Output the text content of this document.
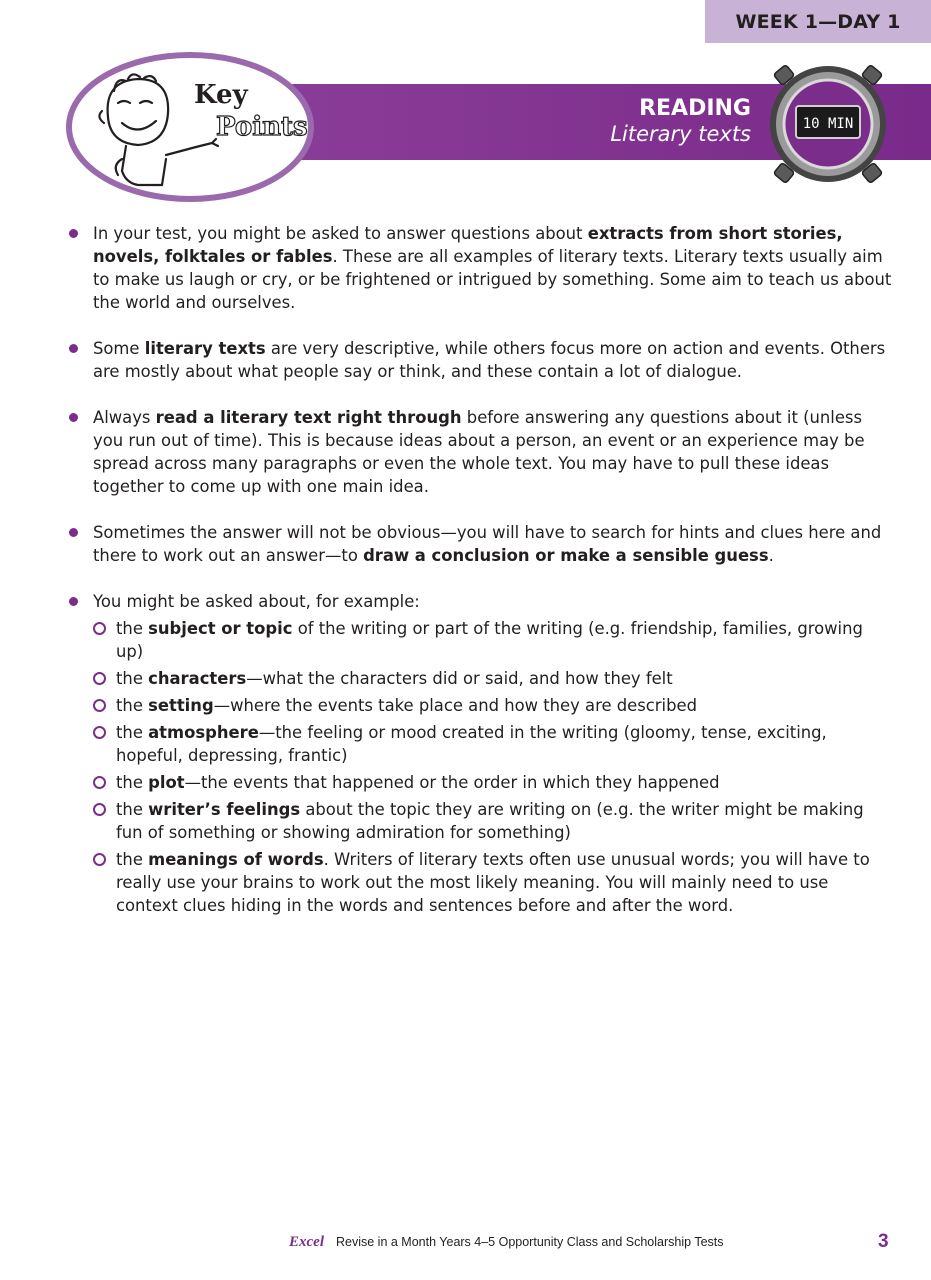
WEEK 1—DAY 1
READING
Literary texts
Key
Points	10 MIN

In your test, you might be asked to answer questions about extracts from short stories, novels, folktales or fables. These are all examples of literary texts. Literary texts usually aim to make us laugh or cry, or be frightened or intrigued by something. Some aim to teach us about the world and ourselves.

Some literary texts are very descriptive, while others focus more on action and events. Others are mostly about what people say or think, and these contain a lot of dialogue.

Always read a literary text right through before answering any questions about it (unless you run out of time). This is because ideas about a person, an event or an experience may be spread across many paragraphs or even the whole text. You may have to pull these ideas together to come up with one main idea.

Sometimes the answer will not be obvious—you will have to search for hints and clues here and there to work out an answer—to draw a conclusion or make a sensible guess.

You might be asked about, for example:

the subject or topic of the writing or part of the writing (e.g. friendship, families, growing up)
the characters—what the characters did or said, and how they felt
the setting—where the events take place and how they are described
the atmosphere—the feeling or mood created in the writing (gloomy, tense, exciting, hopeful, depressing, frantic)
the plot—the events that happened or the order in which they happened
the writer’s feelings about the topic they are writing on (e.g. the writer might be making fun of something or showing admiration for something)
the meanings of words. Writers of literary texts often use unusual words; you will have to really use your brains to work out the most likely meaning. You will mainly need to use context clues hiding in the words and sentences before and after the word.
Excel Revise in a Month Years 4–5 Opportunity Class and Scholarship Tests	3
